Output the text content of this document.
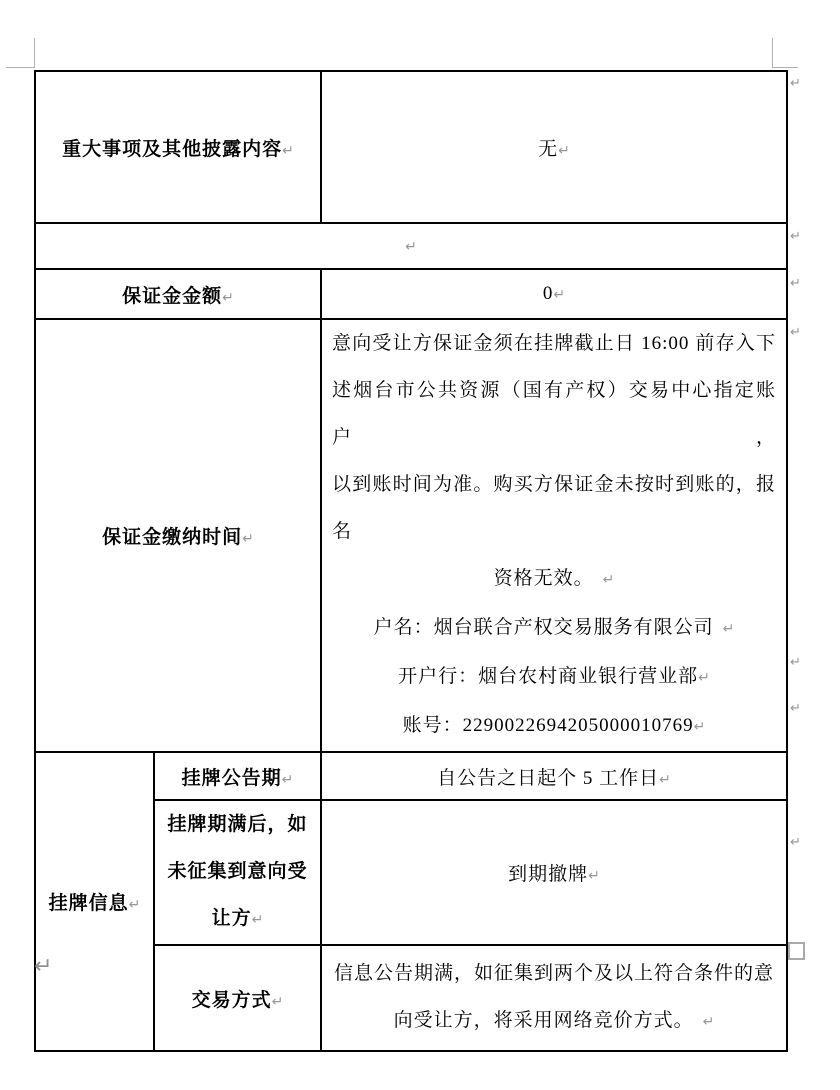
重大事项及其他披露内容↵		无↵
↵		
保证金金额↵		0↵
保证金缴纳时间↵	
意向受让方保证金须在挂牌截止日 16:00 前存入下
述烟台市公共资源（国有产权）交易中心指定账户，
以到账时间为准。购买方保证金未按时到账的，报名
资格无效。 ↵
户名：烟台联合产权交易服务有限公司 ↵
开户行：烟台农村商业银行营业部↵
账号：2290022694205000010769↵

挂牌信息↵	挂牌公告期↵	自公告之日起个 5 工作日↵

	挂牌期满后，如
未征集到意向受
让方↵	到期撤牌↵
	交易方式↵	信息公告期满，如征集到两个及以上符合条件的意
向受让方，将采用网络竞价方式。 ↵
↵
↵
↵
↵
↵
↵
↵
↵
